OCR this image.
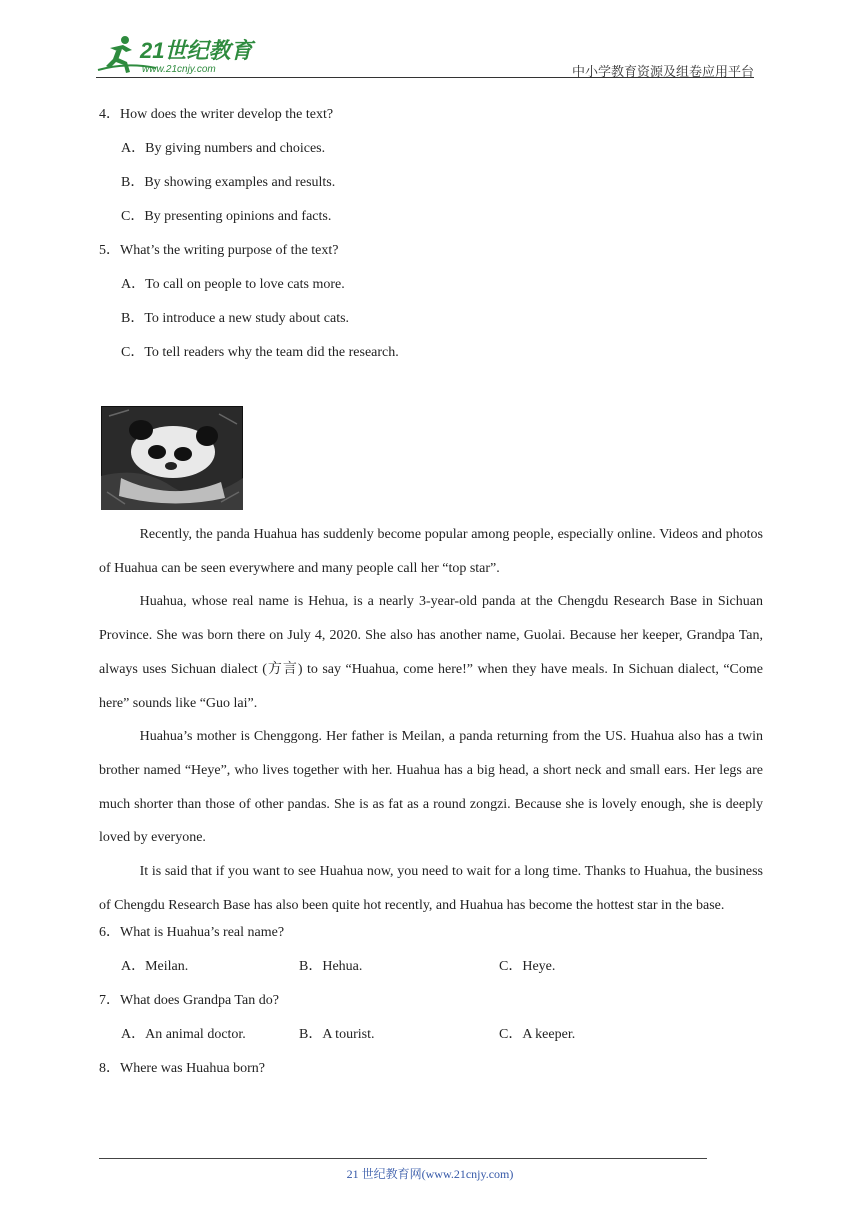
21世纪教育
www.21cnjy.com	中小学教育资源及组卷应用平台
4．How does the writer develop the text?
A．By giving numbers and choices.
B．By showing examples and results.
C．By presenting opinions and facts.
5．What’s the writing purpose of the text?
A．To call on people to love cats more.
B．To introduce a new study about cats.
C．To tell readers why the team did the research.

Recently, the panda Huahua has suddenly become popular among people, especially online. Videos and photos of Huahua can be seen everywhere and many people call her “top star”.

Huahua, whose real name is Hehua, is a nearly 3-year-old panda at the Chengdu Research Base in Sichuan Province. She was born there on July 4, 2020. She also has another name, Guolai. Because her keeper, Grandpa Tan, always uses Sichuan dialect (方言) to say “Huahua, come here!” when they have meals. In Sichuan dialect, “Come here” sounds like “Guo lai”.

Huahua’s mother is Chenggong. Her father is Meilan, a panda returning from the US. Huahua also has a twin brother named “Heye”, who lives together with her. Huahua has a big head, a short neck and small ears. Her legs are much shorter than those of other pandas. She is as fat as a round zongzi. Because she is lovely enough, she is deeply loved by everyone.

It is said that if you want to see Huahua now, you need to wait for a long time. Thanks to Huahua, the business of Chengdu Research Base has also been quite hot recently, and Huahua has become the hottest star in the base.

6．What is Huahua’s real name?
A．Meilan.	B．Hehua.	C．Heye.
7．What does Grandpa Tan do?
A．An animal doctor.	B．A tourist.	C．A keeper.
8．Where was Huahua born?
21 世纪教育网(www.21cnjy.com)
